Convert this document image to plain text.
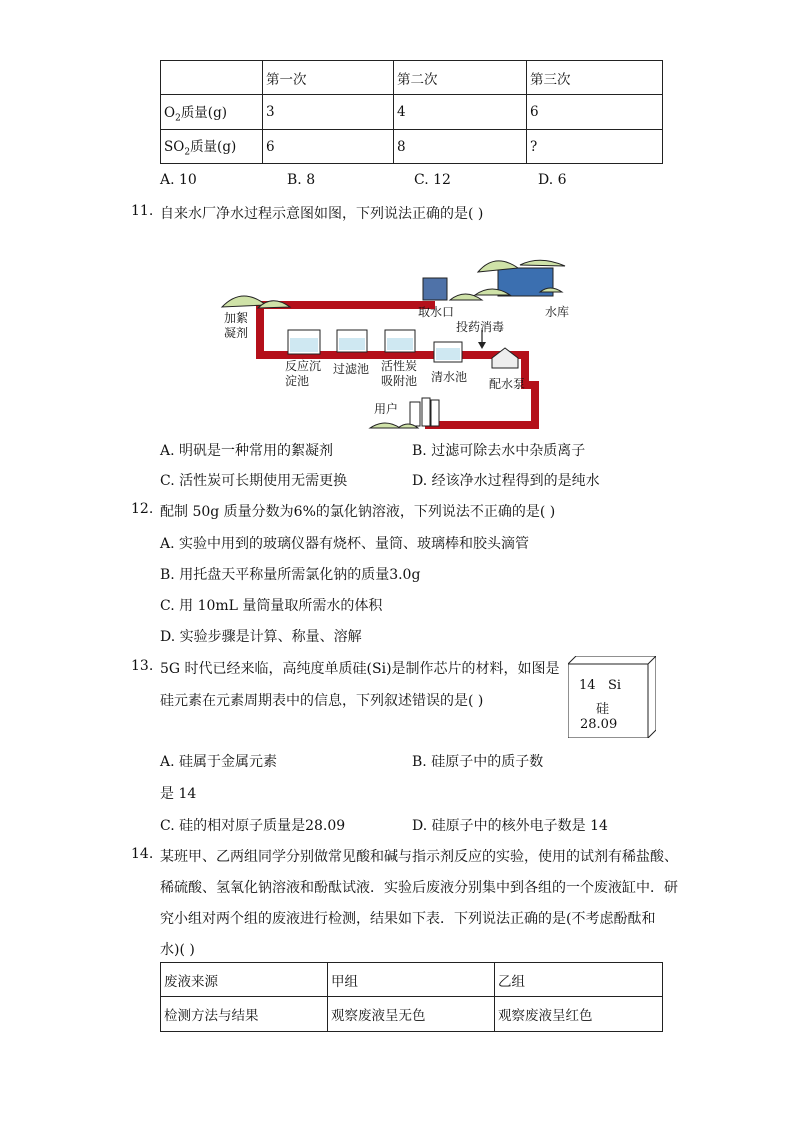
	第一次	第二次	第三次
$O_2$质量(g)	3	4	6
$SO_2$质量(g)	6	8	?
A. 10	B. 8	C. 12	D. 6
11. 自来水厂净水过程示意图如图，下列说法正确的是( )
加絮
凝剂
取水口	水库
投药消毒
反应沉
淀池
过滤池 活性炭
吸附池 清水池 配水泵
用户
A. 明矾是一种常用的絮凝剂	B. 过滤可除去水中杂质离子
C. 活性炭可长期使用无需更换	D. 经该净水过程得到的是纯水
12. 配制 50g 质量分数为6%的氯化钠溶液，下列说法不正确的是( )
A. 实验中用到的玻璃仪器有烧杯、量筒、玻璃棒和胶头滴管
B. 用托盘天平称量所需氯化钠的质量3.0g
C. 用 10mL 量筒量取所需水的体积
D. 实验步骤是计算、称量、溶解
13. 5G 时代已经来临，高纯度单质硅(Si)是制作芯片的材料，如图是
硅元素在元素周期表中的信息，下列叙述错误的是( )
14 Si
硅
28.09
A. 硅属于金属元素	B. 硅原子中的质子数
是 14
C. 硅的相对原子质量是28.09	D. 硅原子中的核外电子数是 14
14. 某班甲、乙两组同学分别做常见酸和碱与指示剂反应的实验，使用的试剂有稀盐酸、
稀硫酸、氢氧化钠溶液和酚酞试液．实验后废液分别集中到各组的一个废液缸中．研
究小组对两个组的废液进行检测，结果如下表．下列说法正确的是(不考虑酚酞和
水)( )
废液来源	甲组	乙组
检测方法与结果	观察废液呈无色	观察废液呈红色
